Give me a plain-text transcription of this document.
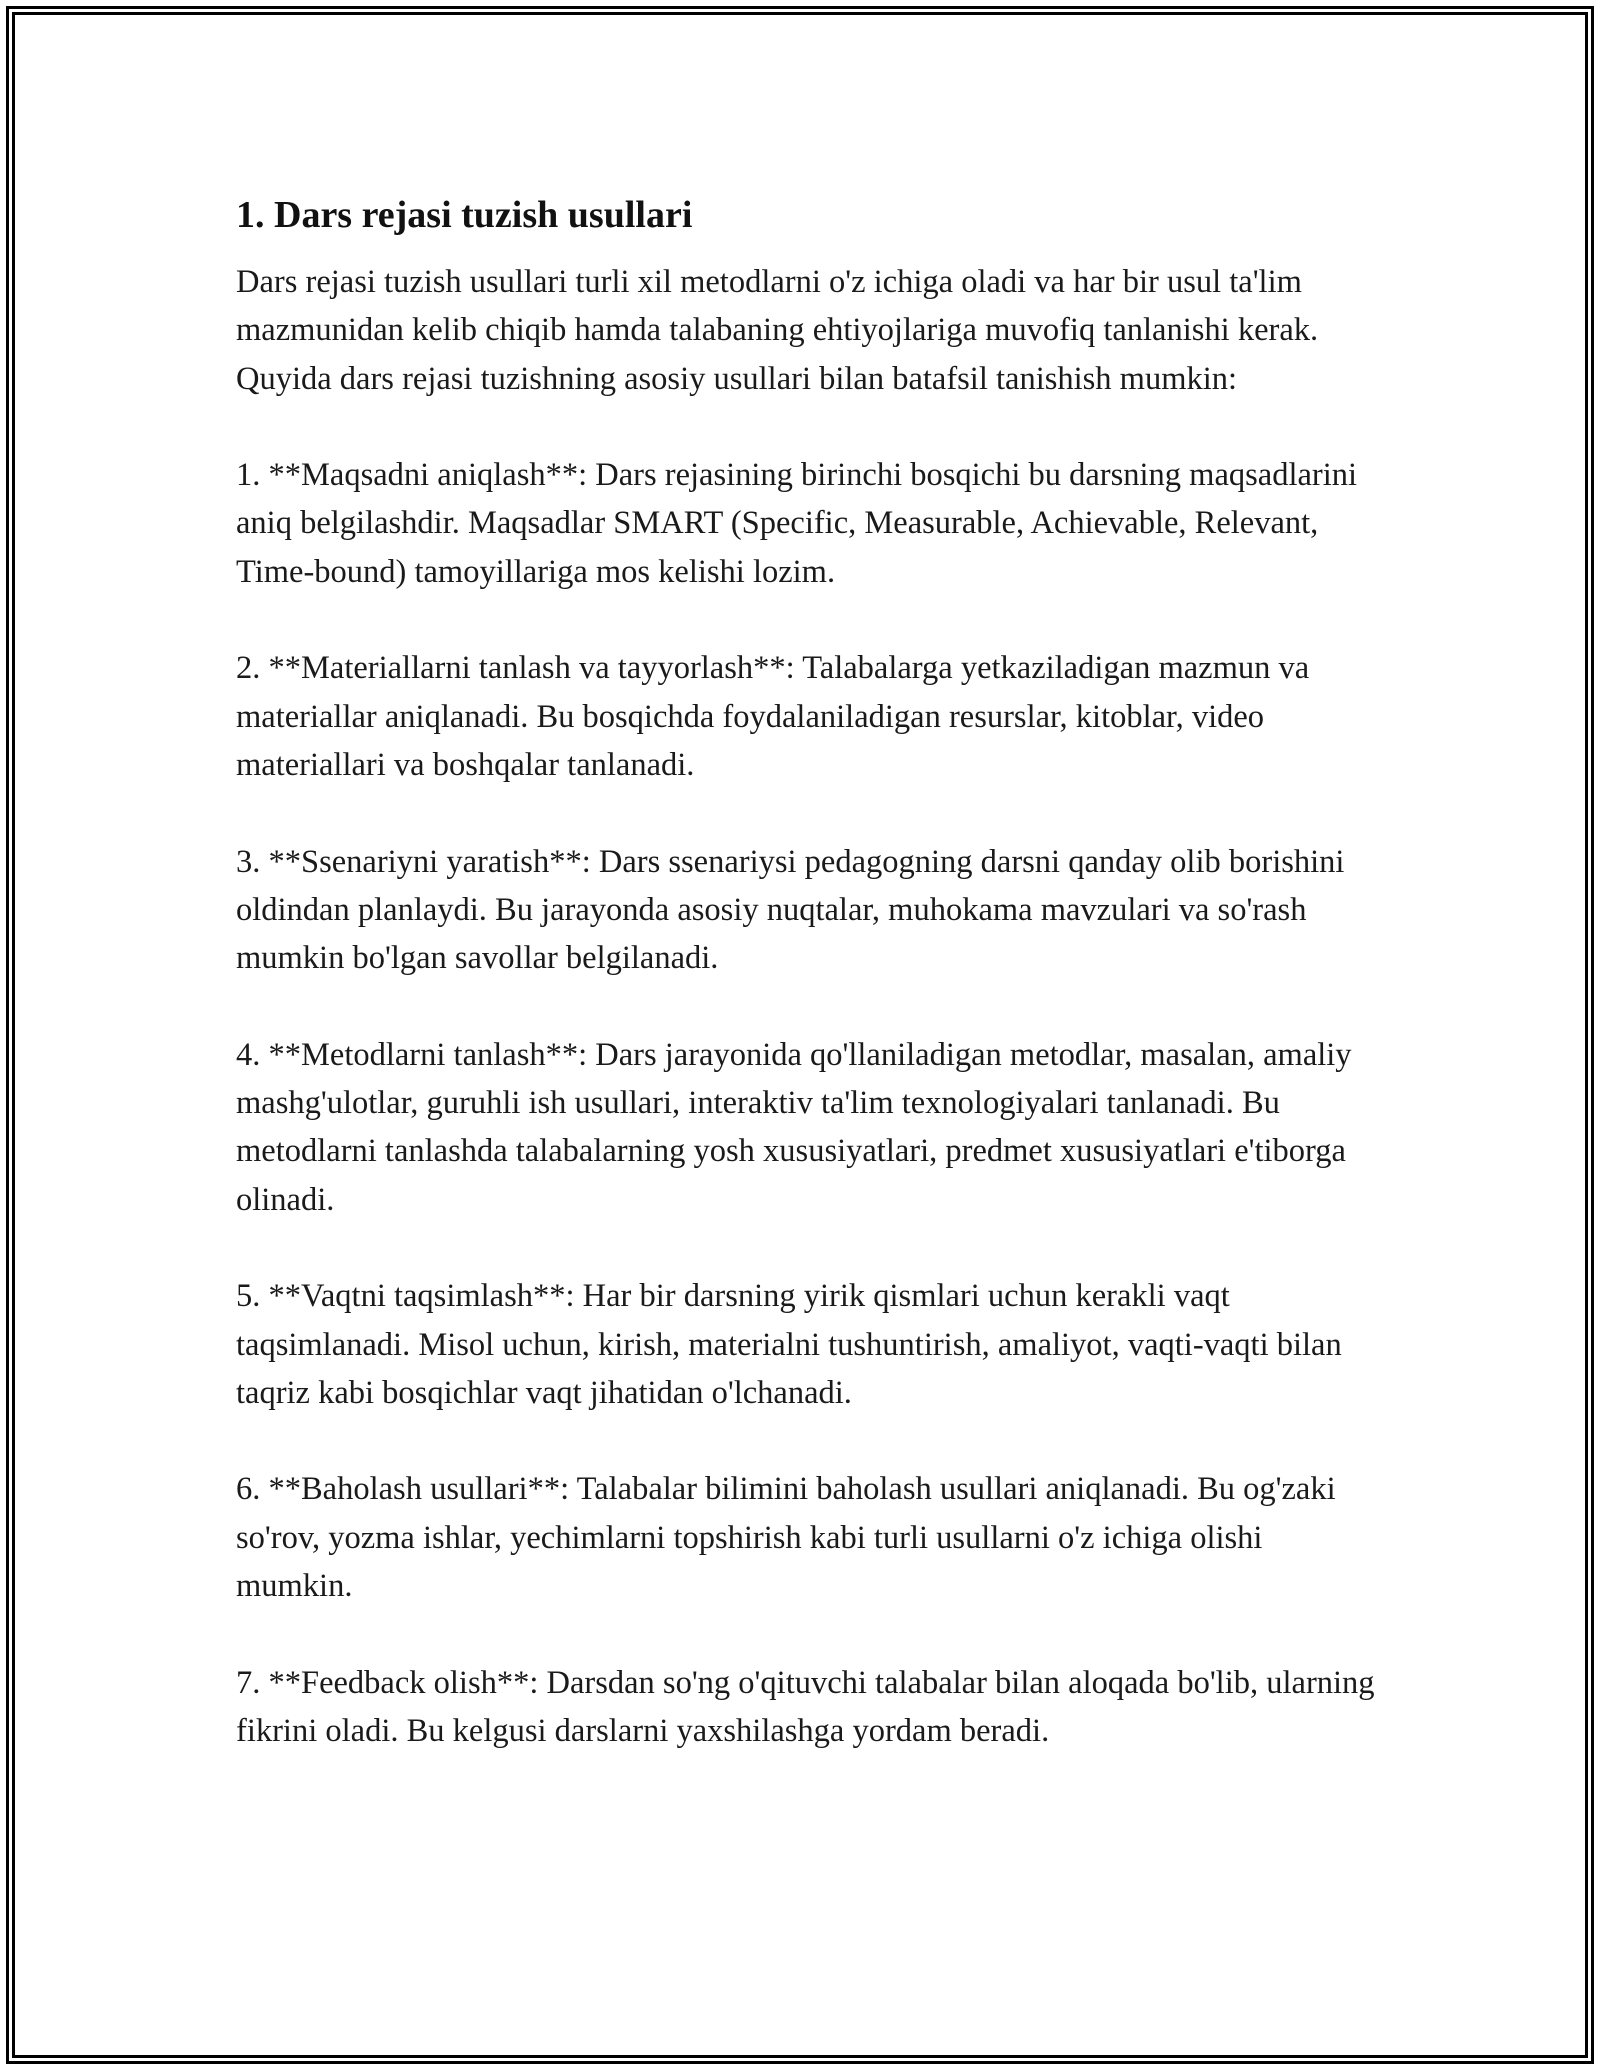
1. Dars rejasi tuzish usullari

Dars rejasi tuzish usullari turli xil metodlarni o'z ichiga oladi va har bir usul ta'lim mazmunidan kelib chiqib hamda talabaning ehtiyojlariga muvofiq tanlanishi kerak. Quyida dars rejasi tuzishning asosiy usullari bilan batafsil tanishish mumkin:

1. **Maqsadni aniqlash**: Dars rejasining birinchi bosqichi bu darsning maqsadlarini aniq belgilashdir. Maqsadlar SMART (Specific, Measurable, Achievable, Relevant, Time-bound) tamoyillariga mos kelishi lozim.

2. **Materiallarni tanlash va tayyorlash**: Talabalarga yetkaziladigan mazmun va materiallar aniqlanadi. Bu bosqichda foydalaniladigan resurslar, kitoblar, video materiallari va boshqalar tanlanadi.

3. **Ssenariyni yaratish**: Dars ssenariysi pedagogning darsni qanday olib borishini oldindan planlaydi. Bu jarayonda asosiy nuqtalar, muhokama mavzulari va so'rash mumkin bo'lgan savollar belgilanadi.

4. **Metodlarni tanlash**: Dars jarayonida qo'llaniladigan metodlar, masalan, amaliy mashg'ulotlar, guruhli ish usullari, interaktiv ta'lim texnologiyalari tanlanadi. Bu metodlarni tanlashda talabalarning yosh xususiyatlari, predmet xususiyatlari e'tiborga olinadi.

5. **Vaqtni taqsimlash**: Har bir darsning yirik qismlari uchun kerakli vaqt taqsimlanadi. Misol uchun, kirish, materialni tushuntirish, amaliyot, vaqti-vaqti bilan taqriz kabi bosqichlar vaqt jihatidan o'lchanadi.

6. **Baholash usullari**: Talabalar bilimini baholash usullari aniqlanadi. Bu og'zaki so'rov, yozma ishlar, yechimlarni topshirish kabi turli usullarni o'z ichiga olishi mumkin.

7. **Feedback olish**: Darsdan so'ng o'qituvchi talabalar bilan aloqada bo'lib, ularning fikrini oladi. Bu kelgusi darslarni yaxshilashga yordam beradi.
